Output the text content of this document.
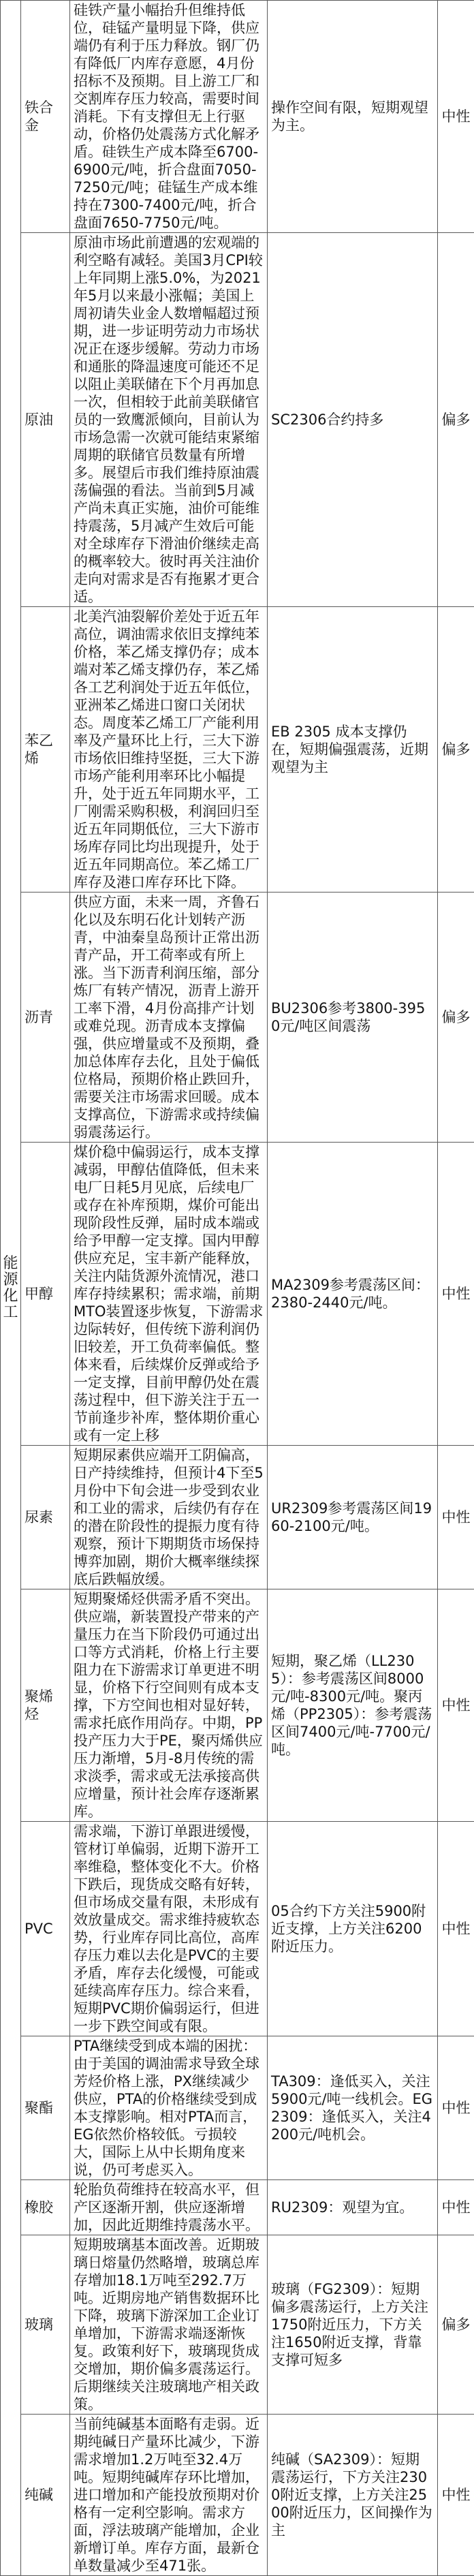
能源化工	铁合金	硅铁产量小幅抬升但维持低位，硅锰产量明显下降，供应端仍有利于压力释放。钢厂仍有降低厂内库存意愿，4月份招标不及预期。目上游工厂和交割库存压力较高，需要时间消耗。下有支撑但无上行驱动，价格仍处震荡方式化解矛盾。硅铁生产成本降至6700-6900元/吨，折合盘面7050-7250元/吨；硅锰生产成本维持在7300-7400元/吨，折合盘面7650-7750元/吨。	操作空间有限，短期观望为主。	中性
	原油	原油市场此前遭遇的宏观端的利空略有减轻。美国3月CPI较上年同期上涨5.0%，为2021年5月以来最小涨幅；美国上周初请失业金人数增幅超过预期，进一步证明劳动力市场状况正在逐步缓解。劳动力市场和通胀的降温速度可能还不足以阻止美联储在下个月再加息一次，但相较于此前美联储官员的一致鹰派倾向，目前认为市场急需一次就可能结束紧缩周期的联储官员数量有所增多。展望后市我们维持原油震荡偏强的看法。当前到5月减产尚未真正实施，油价可能维持震荡，5月减产生效后可能对全球库存下滑油价继续走高的概率较大。彼时再关注油价走向对需求是否有拖累才更合适。	SC2306合约持多	偏多
	苯乙烯	北美汽油裂解价差处于近五年高位，调油需求依旧支撑纯苯价格，苯乙烯支撑仍存；成本端对苯乙烯支撑仍存，苯乙烯各工艺利润处于近五年低位，亚洲苯乙烯进口窗口关闭状态。周度苯乙烯工厂产能利用率及产量环比上行，三大下游市场依旧维持坚挺，三大下游市场产能利用率环比小幅提升，处于近五年同期水平，工厂刚需采购积极，利润回归至近五年同期低位，三大下游市场库存同比均出现提升，处于近五年同期高位。苯乙烯工厂库存及港口库存环比下降。	EB 2305 成本支撑仍在，短期偏强震荡，近期观望为主	偏多
	沥青	供应方面，未来一周，齐鲁石化以及东明石化计划转产沥青，中油秦皇岛预计正常出沥青产品，开工荷率或有所上涨。当下沥青利润压缩，部分炼厂有转产情况，沥青上游开工率下滑，4月份高排产计划或难兑现。沥青成本支撑偏强，供应增量或不及预期，叠加总体库存去化，且处于偏低位格局，预期价格止跌回升，需要关注市场需求回暖。成本支撑高位，下游需求或持续偏弱震荡运行。	BU2306参考3800-3950元/吨区间震荡	偏多
	甲醇	煤价稳中偏弱运行，成本支撑减弱，甲醇估值降低，但未来电厂日耗5月见底，后续电厂或存在补库预期，煤价可能出现阶段性反弹，届时成本端或给予甲醇一定支撑。国内甲醇供应充足，宝丰新产能释放，关注内陆货源外流情况，港口库存持续累积；需求端，前期MTO装置逐步恢复，下游需求边际转好，但传统下游利润仍旧较差，开工负荷率偏低。整体来看，后续煤价反弹或给予一定支撑，目前甲醇仍处在震荡过程中，但下游关注于五一节前逢步补库，整体期价重心或有一定上移	MA2309参考震荡区间：2380-2440元/吨。	中性
	尿素	短期尿素供应端开工阴偏高，日产持续维持，但预计4下至5月份中下旬会进一步受到农业和工业的需求，后续仍有存在的潜在阶段性的提振力度有待观察，预计下期期货市场保持博弈加剧，期价大概率继续探底后跌幅放缓。	UR2309参考震荡区间1960-2100元/吨。	中性
	聚烯烃	短期聚烯烃供需矛盾不突出。供应端，新装置投产带来的产量压力在当下阶段仍可通过出口等方式消耗，价格上行主要阻力在下游需求订单更进不明显，价格下行空间则有成本支撑，下方空间也相对显好转，需求托底作用尚存。中期，PP投产压力大于PE，聚丙烯供应压力渐增，5月-8月传统的需求淡季，需求或无法承接高供应增量，预计社会库存逐渐累库。	短期，聚乙烯（LL2305）：参考震荡区间8000元/吨-8300元/吨。聚丙烯（PP2305）：参考震荡区间7400元/吨-7700元/吨。	中性
	PVC	需求端，下游订单跟进缓慢，管材订单偏弱，近期下游开工率维稳，整体变化不大。价格下跌后，现货成交略有好转，但市场成交量有限，未形成有效放量成交。需求维持疲软态势，行业库存同比高位，高库存压力难以去化是PVC的主要矛盾，库存去化缓慢，可能或延续高库存压力。综合来看，短期PVC期价偏弱运行，但进一步下跌空间或有限。	05合约下方关注5900附近支撑，上方关注6200附近压力。	中性
	聚酯	PTA继续受到成本端的困扰：由于美国的调油需求导致全球芳烃价格上涨，PX继续减少供应，PTA的价格继续受到成本支撑影响。相对PTA而言，EG依然价格较低。亏损较大，国际上从中长期角度来说，仍可考虑买入。	TA309：逢低买入，关注5900元/吨一线机会。EG2309：逢低买入，关注4200元/吨机会。	中性
	橡胶	轮胎负荷维持在较高水平，但产区逐渐开割，供应逐渐增加，因此近期维持震荡水平。	RU2309：观望为宜。	中性
	玻璃	短期玻璃基本面改善。近期玻璃日熔量仍然略增，玻璃总库存增加18.1万吨至292.7万吨。近期房地产销售数据环比下降，玻璃下游深加工企业订单增加，下游需求端逐渐恢复。政策利好下，玻璃现货成交增加，期价偏多震荡运行。后期继续关注玻璃地产相关政策。	玻璃（FG2309）：短期偏多震荡运行，上方关注1750附近压力，下方关注1650附近支撑，背靠支撑可短多	偏多
	纯碱	当前纯碱基本面略有走弱。近期纯碱日产量环比减少，下游需求增加1.2万吨至32.4万吨。短期纯碱库存环比增加，进口增加和产能投放预期对价格有一定利空影响。需求方面，浮法玻璃产能增加，企业新增订单。库存方面，最新仓单数量减少至471张。	纯碱（SA2309）：短期震荡运行，下方关注2300附近支撑，上方关注2500附近压力，区间操作为主	中性
